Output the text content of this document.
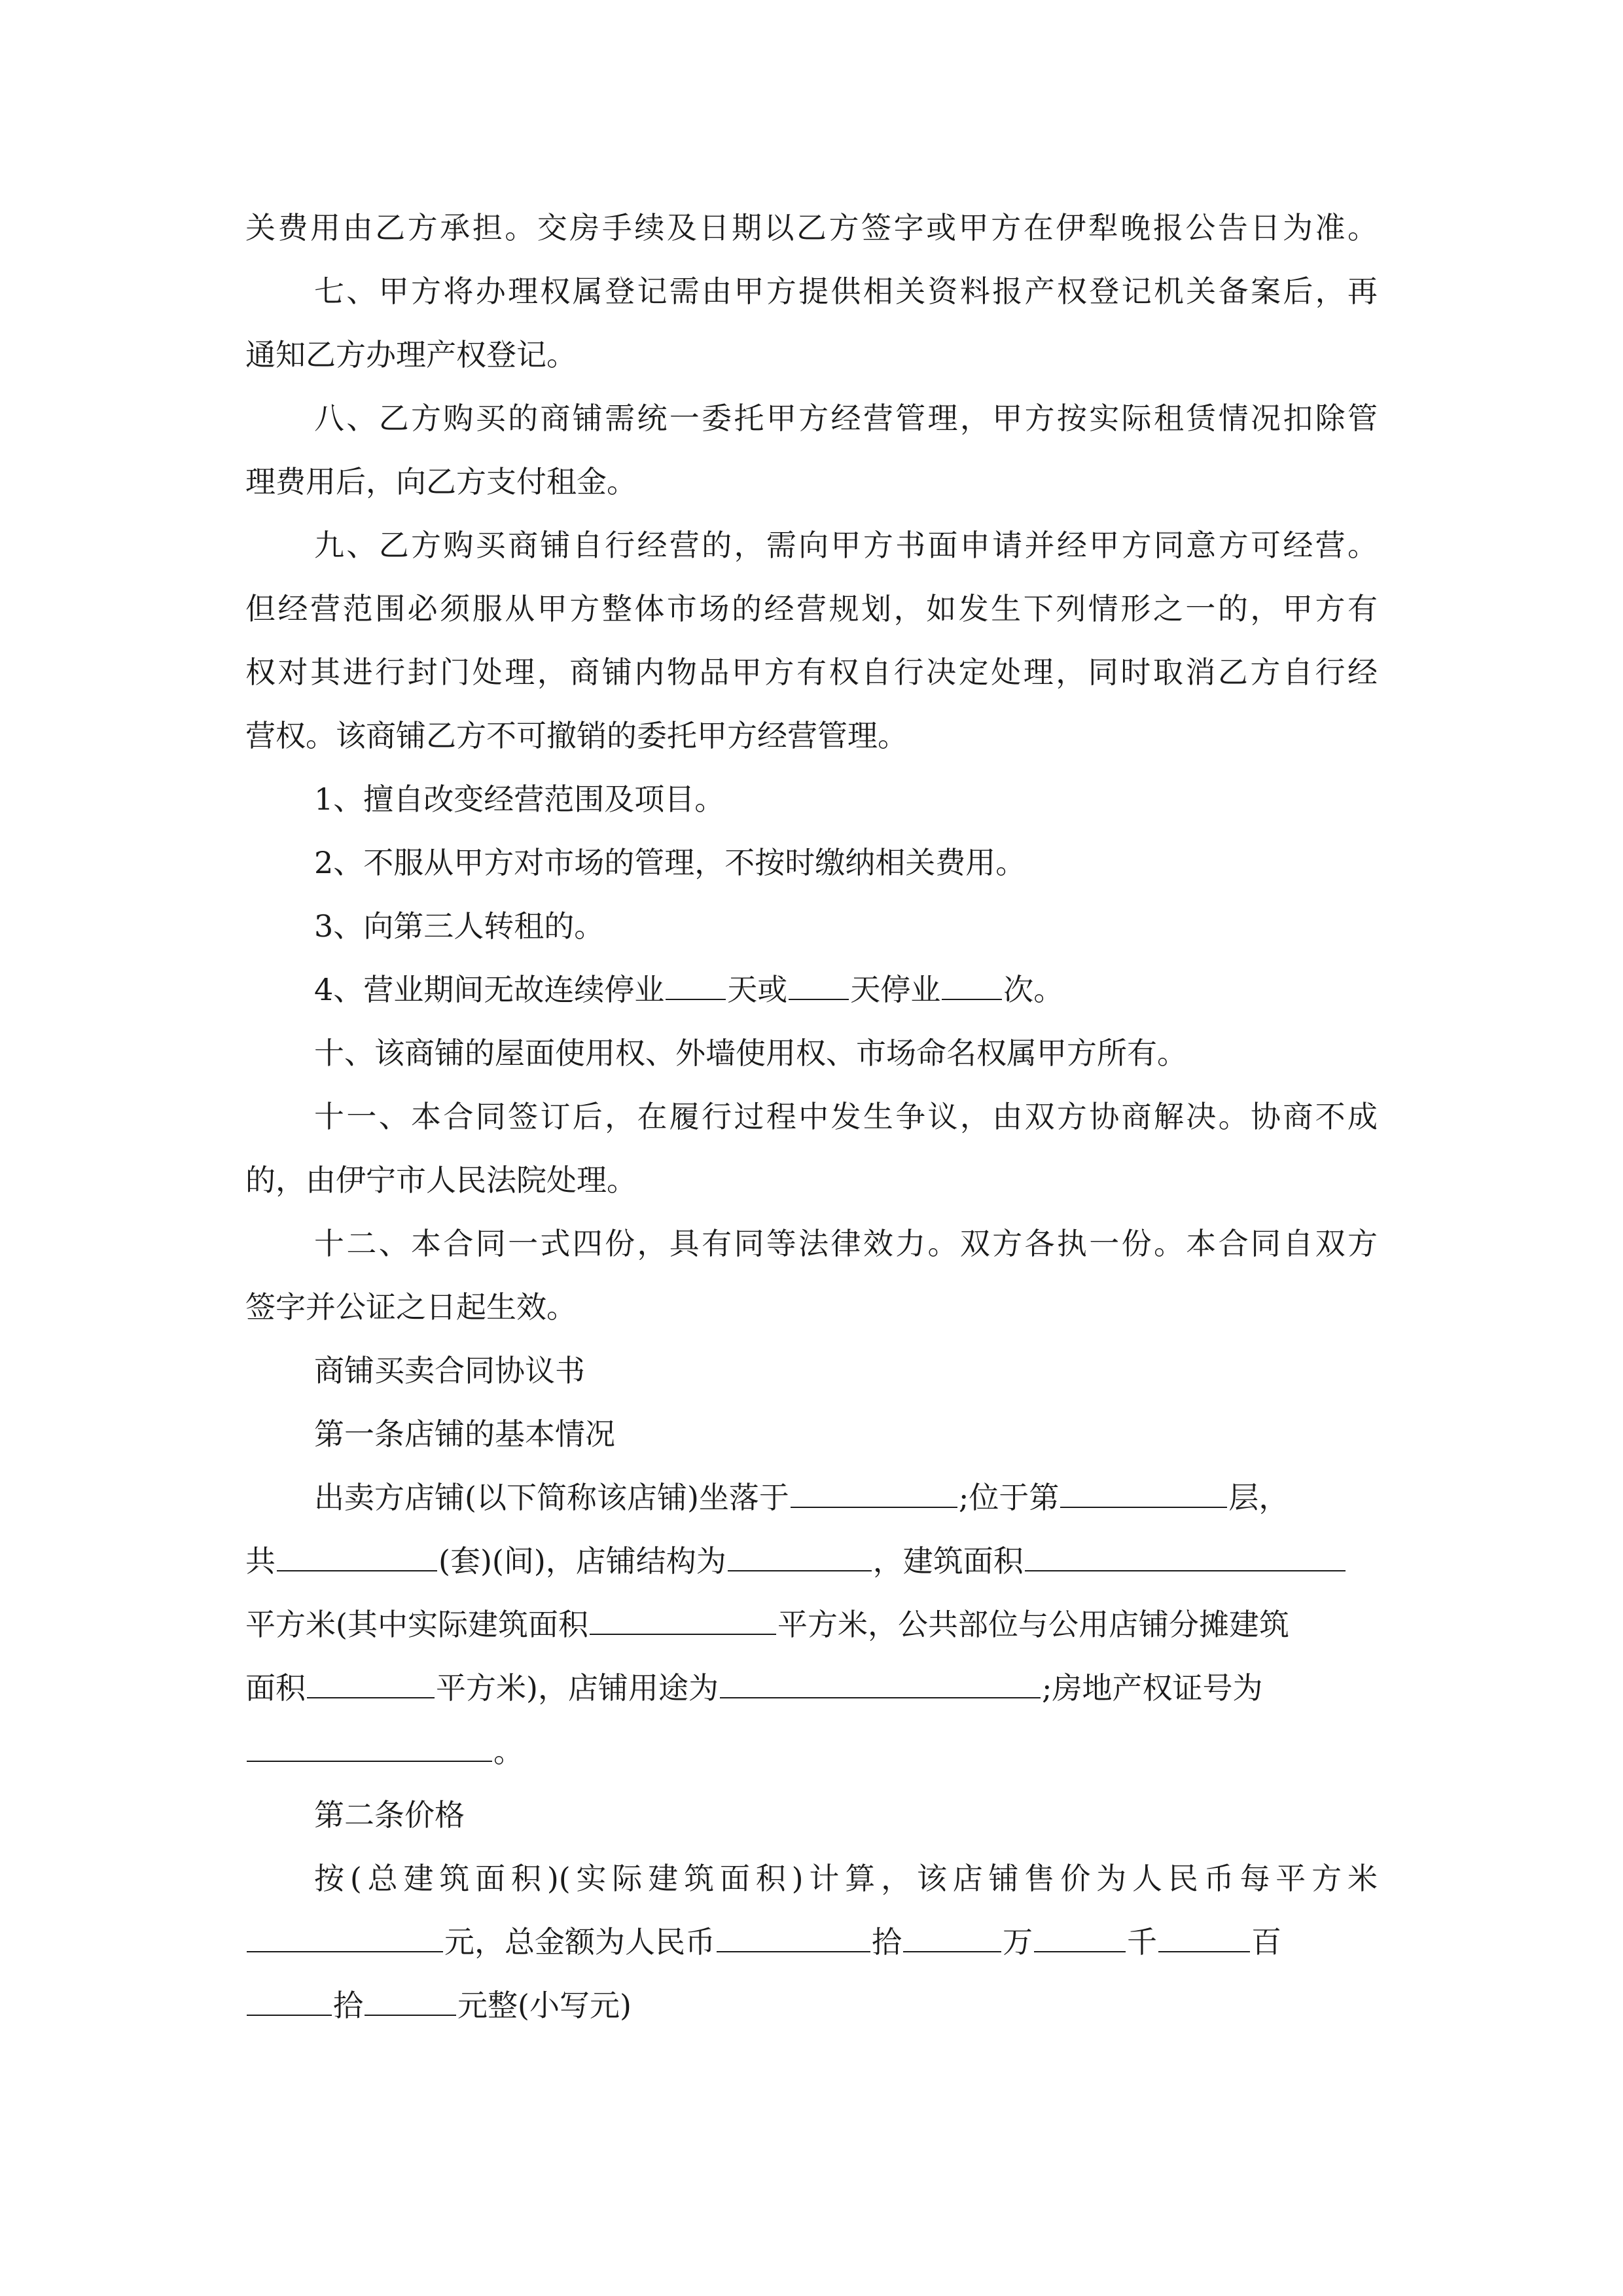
关费用由乙方承担。交房手续及日期以乙方签字或甲方在伊犁晚报公告日为准。
七、甲方将办理权属登记需由甲方提供相关资料报产权登记机关备案后，再
通知乙方办理产权登记。
八、乙方购买的商铺需统一委托甲方经营管理，甲方按实际租赁情况扣除管
理费用后，向乙方支付租金。
九、乙方购买商铺自行经营的，需向甲方书面申请并经甲方同意方可经营。
但经营范围必须服从甲方整体市场的经营规划，如发生下列情形之一的，甲方有
权对其进行封门处理，商铺内物品甲方有权自行决定处理，同时取消乙方自行经
营权。该商铺乙方不可撤销的委托甲方经营管理。
1、擅自改变经营范围及项目。
2、不服从甲方对市场的管理，不按时缴纳相关费用。
3、向第三人转租的。
4、营业期间无故连续停业 天或 天停业 次。
十、该商铺的屋面使用权、外墙使用权、市场命名权属甲方所有。
十一、本合同签订后，在履行过程中发生争议，由双方协商解决。协商不成
的，由伊宁市人民法院处理。
十二、本合同一式四份，具有同等法律效力。双方各执一份。本合同自双方
签字并公证之日起生效。
商铺买卖合同协议书
第一条店铺的基本情况
出卖方店铺(以下简称该店铺)坐落于	;位于第	层，
共	(套)(间)，店铺结构为	，建筑面积
平方米(其中实际建筑面积	平方米，公共部位与公用店铺分摊建筑
面积	平方米)，店铺用途为	;房地产权证号为
。
第二条价格
按(总建筑面积)(实际建筑面积)计算，该店铺售价为人民币每平方米
元，总金额为人民币	拾	万	千	百
拾	元整(小写元)
